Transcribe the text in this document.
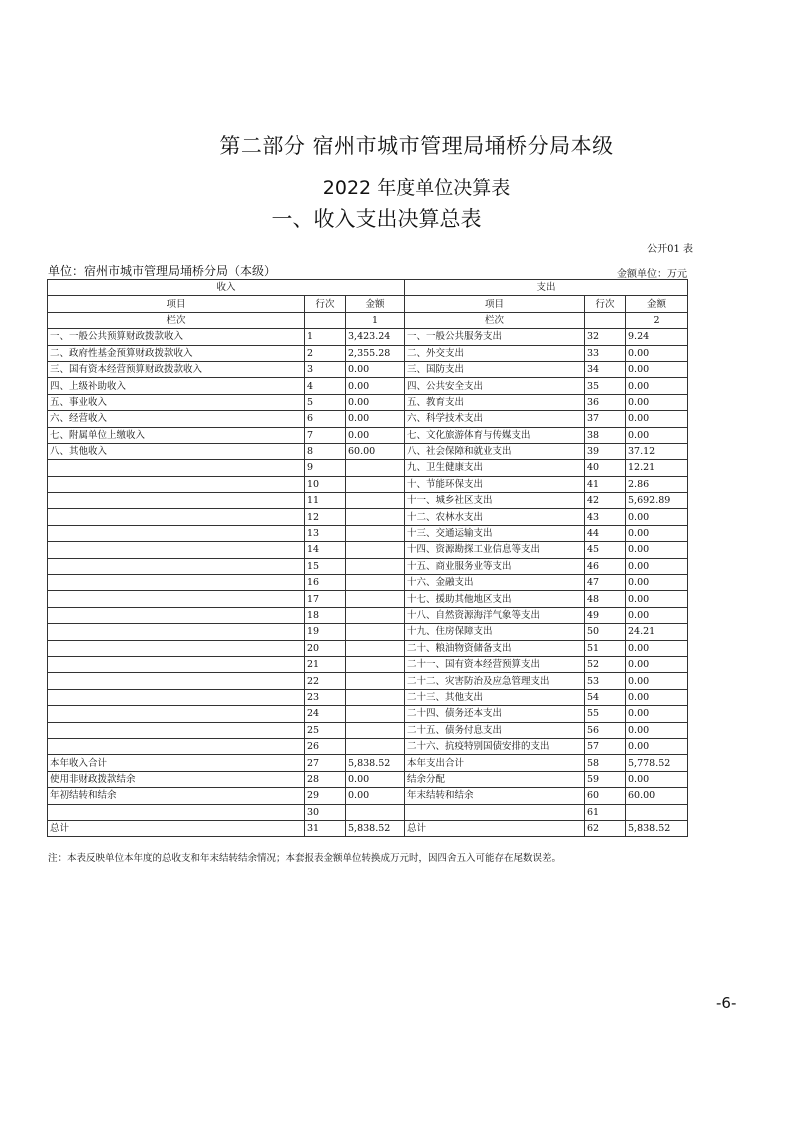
第二部分 宿州市城市管理局埇桥分局本级
2022 年度单位决算表
一、收入支出决算总表
公开01 表
单位：宿州市城市管理局埇桥分局（本级）	金额单位：万元
收入			支出		
项目	行次	金额	项目	行次	金额
栏次		1	栏次		2
一、一般公共预算财政拨款收入	1	3,423.24	一、一般公共服务支出	32	9.24
二、政府性基金预算财政拨款收入	2	2,355.28	二、外交支出	33	0.00
三、国有资本经营预算财政拨款收入	3	0.00	三、国防支出	34	0.00
四、上级补助收入	4	0.00	四、公共安全支出	35	0.00
五、事业收入	5	0.00	五、教育支出	36	0.00
六、经营收入	6	0.00	六、科学技术支出	37	0.00
七、附属单位上缴收入	7	0.00	七、文化旅游体育与传媒支出	38	0.00
八、其他收入	8	60.00	八、社会保障和就业支出	39	37.12
	9		九、卫生健康支出	40	12.21
	10		十、节能环保支出	41	2.86
	11		十一、城乡社区支出	42	5,692.89
	12		十二、农林水支出	43	0.00
	13		十三、交通运输支出	44	0.00
	14		十四、资源勘探工业信息等支出	45	0.00
	15		十五、商业服务业等支出	46	0.00
	16		十六、金融支出	47	0.00
	17		十七、援助其他地区支出	48	0.00
	18		十八、自然资源海洋气象等支出	49	0.00
	19		十九、住房保障支出	50	24.21
	20		二十、粮油物资储备支出	51	0.00
	21		二十一、国有资本经营预算支出	52	0.00
	22		二十二、灾害防治及应急管理支出	53	0.00
	23		二十三、其他支出	54	0.00
	24		二十四、债务还本支出	55	0.00
	25		二十五、债务付息支出	56	0.00
	26		二十六、抗疫特别国债安排的支出	57	0.00
本年收入合计	27	5,838.52	本年支出合计	58	5,778.52
使用非财政拨款结余	28	0.00	结余分配	59	0.00
年初结转和结余	29	0.00	年末结转和结余	60	60.00
	30			61	
总计	31	5,838.52	总计	62	5,838.52
注：本表反映单位本年度的总收支和年末结转结余情况；本套报表金额单位转换成万元时，因四舍五入可能存在尾数误差。
-6-
